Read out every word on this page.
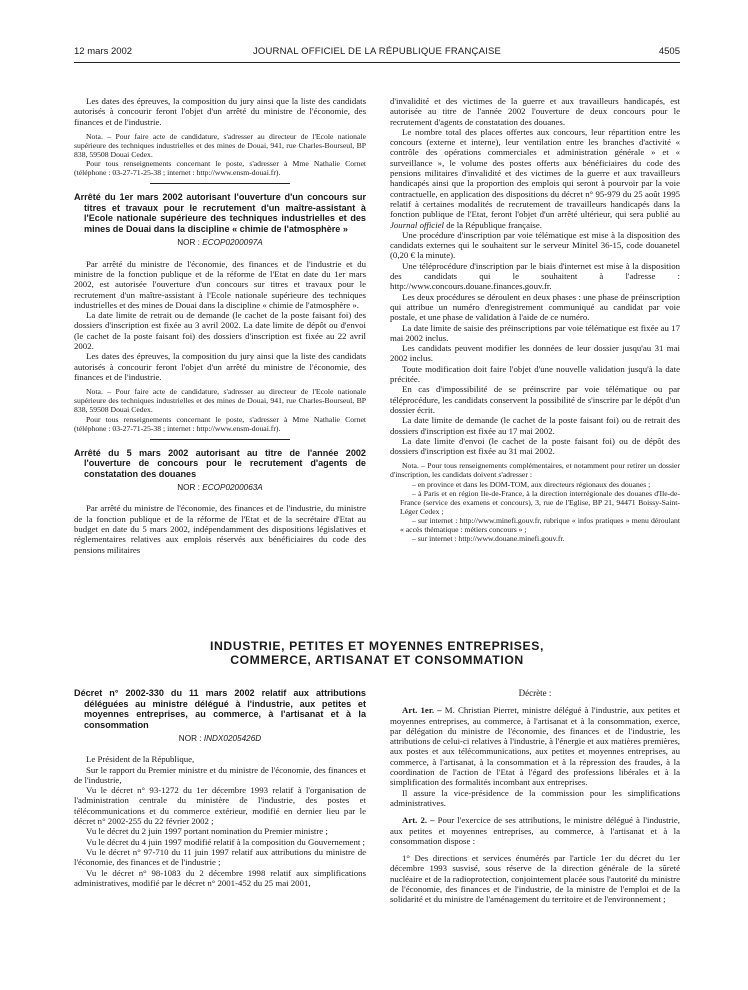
12 mars 2002	JOURNAL OFFICIEL DE LA RÉPUBLIQUE FRANÇAISE	4505

Les dates des épreuves, la composition du jury ainsi que la liste des candidats autorisés à concourir feront l'objet d'un arrêté du ministre de l'économie, des finances et de l'industrie.

Nota. – Pour faire acte de candidature, s'adresser au directeur de l'Ecole nationale supérieure des techniques industrielles et des mines de Douai, 941, rue Charles-Bourseul, BP 838, 59508 Douai Cedex.

Pour tous renseignements concernant le poste, s'adresser à Mme Nathalie Cornet (téléphone : 03-27-71-25-38 ; internet : http://www.ensm-douai.fr).

Arrêté du 1er mars 2002 autorisant l'ouverture d'un concours sur titres et travaux pour le recrutement d'un maître-assistant à l'Ecole nationale supérieure des techniques industrielles et des mines de Douai dans la discipline « chimie de l'atmosphère »
NOR : ECOP0200097A

Par arrêté du ministre de l'économie, des finances et de l'industrie et du ministre de la fonction publique et de la réforme de l'Etat en date du 1er mars 2002, est autorisée l'ouverture d'un concours sur titres et travaux pour le recrutement d'un maître-assistant à l'Ecole nationale supérieure des techniques industrielles et des mines de Douai dans la discipline « chimie de l'atmosphère ».

La date limite de retrait ou de demande (le cachet de la poste faisant foi) des dossiers d'inscription est fixée au 3 avril 2002. La date limite de dépôt ou d'envoi (le cachet de la poste faisant foi) des dossiers d'inscription est fixée au 22 avril 2002.

Les dates des épreuves, la composition du jury ainsi que la liste des candidats autorisés à concourir feront l'objet d'un arrêté du ministre de l'économie, des finances et de l'industrie.

Nota. – Pour faire acte de candidature, s'adresser au directeur de l'Ecole nationale supérieure des techniques industrielles et des mines de Douai, 941, rue Charles-Bourseul, BP 838, 59508 Douai Cedex.

Pour tous renseignements concernant le poste, s'adresser à Mme Nathalie Cornet (téléphone : 03-27-71-25-38 ; internet : http://www.ensm-douai.fr).

Arrêté du 5 mars 2002 autorisant au titre de l'année 2002 l'ouverture de concours pour le recrutement d'agents de constatation des douanes
NOR : ECOP0200063A

Par arrêté du ministre de l'économie, des finances et de l'industrie, du ministre de la fonction publique et de la réforme de l'Etat et de la secrétaire d'Etat au budget en date du 5 mars 2002, indépendamment des dispositions législatives et réglementaires relatives aux emplois réservés aux bénéficiaires du code des pensions militaires

d'invalidité et des victimes de la guerre et aux travailleurs handicapés, est autorisée au titre de l'année 2002 l'ouverture de deux concours pour le recrutement d'agents de constatation des douanes.

Le nombre total des places offertes aux concours, leur répartition entre les concours (externe et interne), leur ventilation entre les branches d'activité « contrôle des opérations commerciales et administration générale » et « surveillance », le volume des postes offerts aux bénéficiaires du code des pensions militaires d'invalidité et des victimes de la guerre et aux travailleurs handicapés ainsi que la proportion des emplois qui seront à pourvoir par la voie contractuelle, en application des dispositions du décret n° 95-979 du 25 août 1995 relatif à certaines modalités de recrutement de travailleurs handicapés dans la fonction publique de l'Etat, feront l'objet d'un arrêté ultérieur, qui sera publié au Journal officiel de la République française.

Une procédure d'inscription par voie télématique est mise à la disposition des candidats externes qui le souhaitent sur le serveur Minitel 36-15, code douanetel (0,20 € la minute).

Une téléprocédure d'inscription par le biais d'internet est mise à la disposition des candidats qui le souhaitent à l'adresse : http://www.concours.douane.finances.gouv.fr.

Les deux procédures se déroulent en deux phases : une phase de préinscription qui attribue un numéro d'enregistrement communiqué au candidat par voie postale, et une phase de validation à l'aide de ce numéro.

La date limite de saisie des préinscriptions par voie télématique est fixée au 17 mai 2002 inclus.

Les candidats peuvent modifier les données de leur dossier jusqu'au 31 mai 2002 inclus.

Toute modification doit faire l'objet d'une nouvelle validation jusqu'à la date précitée.

En cas d'impossibilité de se préinscrire par voie télématique ou par téléprocédure, les candidats conservent la possibilité de s'inscrire par le dépôt d'un dossier écrit.

La date limite de demande (le cachet de la poste faisant foi) ou de retrait des dossiers d'inscription est fixée au 17 mai 2002.

La date limite d'envoi (le cachet de la poste faisant foi) ou de dépôt des dossiers d'inscription est fixée au 31 mai 2002.

Nota. – Pour tous renseignements complémentaires, et notamment pour retirer un dossier d'inscription, les candidats doivent s'adresser :

– en province et dans les DOM-TOM, aux directeurs régionaux des douanes ;

– à Paris et en région Ile-de-France, à la direction interrégionale des douanes d'Ile-de-France (service des examens et concours), 3, rue de l'Eglise, BP 21, 94471 Boissy-Saint-Léger Cedex ;

– sur internet : http://www.minefi.gouv.fr, rubrique « infos pratiques » menu déroulant « accès thématique : métiers concours » ;

– sur internet : http://www.douane.minefi.gouv.fr.

INDUSTRIE, PETITES ET MOYENNES ENTREPRISES,
COMMERCE, ARTISANAT ET CONSOMMATION
Décret n° 2002-330 du 11 mars 2002 relatif aux attributions déléguées au ministre délégué à l'industrie, aux petites et moyennes entreprises, au commerce, à l'artisanat et à la consommation
NOR : INDX0205426D

Le Président de la République,

Sur le rapport du Premier ministre et du ministre de l'économie, des finances et de l'industrie,

Vu le décret n° 93-1272 du 1er décembre 1993 relatif à l'organisation de l'administration centrale du ministère de l'industrie, des postes et télécommunications et du commerce extérieur, modifié en dernier lieu par le décret n° 2002-255 du 22 février 2002 ;

Vu le décret du 2 juin 1997 portant nomination du Premier ministre ;

Vu le décret du 4 juin 1997 modifié relatif à la composition du Gouvernement ;

Vu le décret n° 97-710 du 11 juin 1997 relatif aux attributions du ministre de l'économie, des finances et de l'industrie ;

Vu le décret n° 98-1083 du 2 décembre 1998 relatif aux simplifications administratives, modifié par le décret n° 2001-452 du 25 mai 2001,

Décrète :

Art. 1er. – M. Christian Pierret, ministre délégué à l'industrie, aux petites et moyennes entreprises, au commerce, à l'artisanat et à la consommation, exerce, par délégation du ministre de l'économie, des finances et de l'industrie, les attributions de celui-ci relatives à l'industrie, à l'énergie et aux matières premières, aux postes et aux télécommunications, aux petites et moyennes entreprises, au commerce, à l'artisanat, à la consommation et à la répression des fraudes, à la coordination de l'action de l'Etat à l'égard des professions libérales et à la simplification des formalités incombant aux entreprises.

Il assure la vice-présidence de la commission pour les simplifications administratives.

Art. 2. – Pour l'exercice de ses attributions, le ministre délégué à l'industrie, aux petites et moyennes entreprises, au commerce, à l'artisanat et à la consommation dispose :

1° Des directions et services énumérés par l'article 1er du décret du 1er décembre 1993 susvisé, sous réserve de la direction générale de la sûreté nucléaire et de la radioprotection, conjointement placée sous l'autorité du ministre de l'économie, des finances et de l'industrie, de la ministre de l'emploi et de la solidarité et du ministre de l'aménagement du territoire et de l'environnement ;
